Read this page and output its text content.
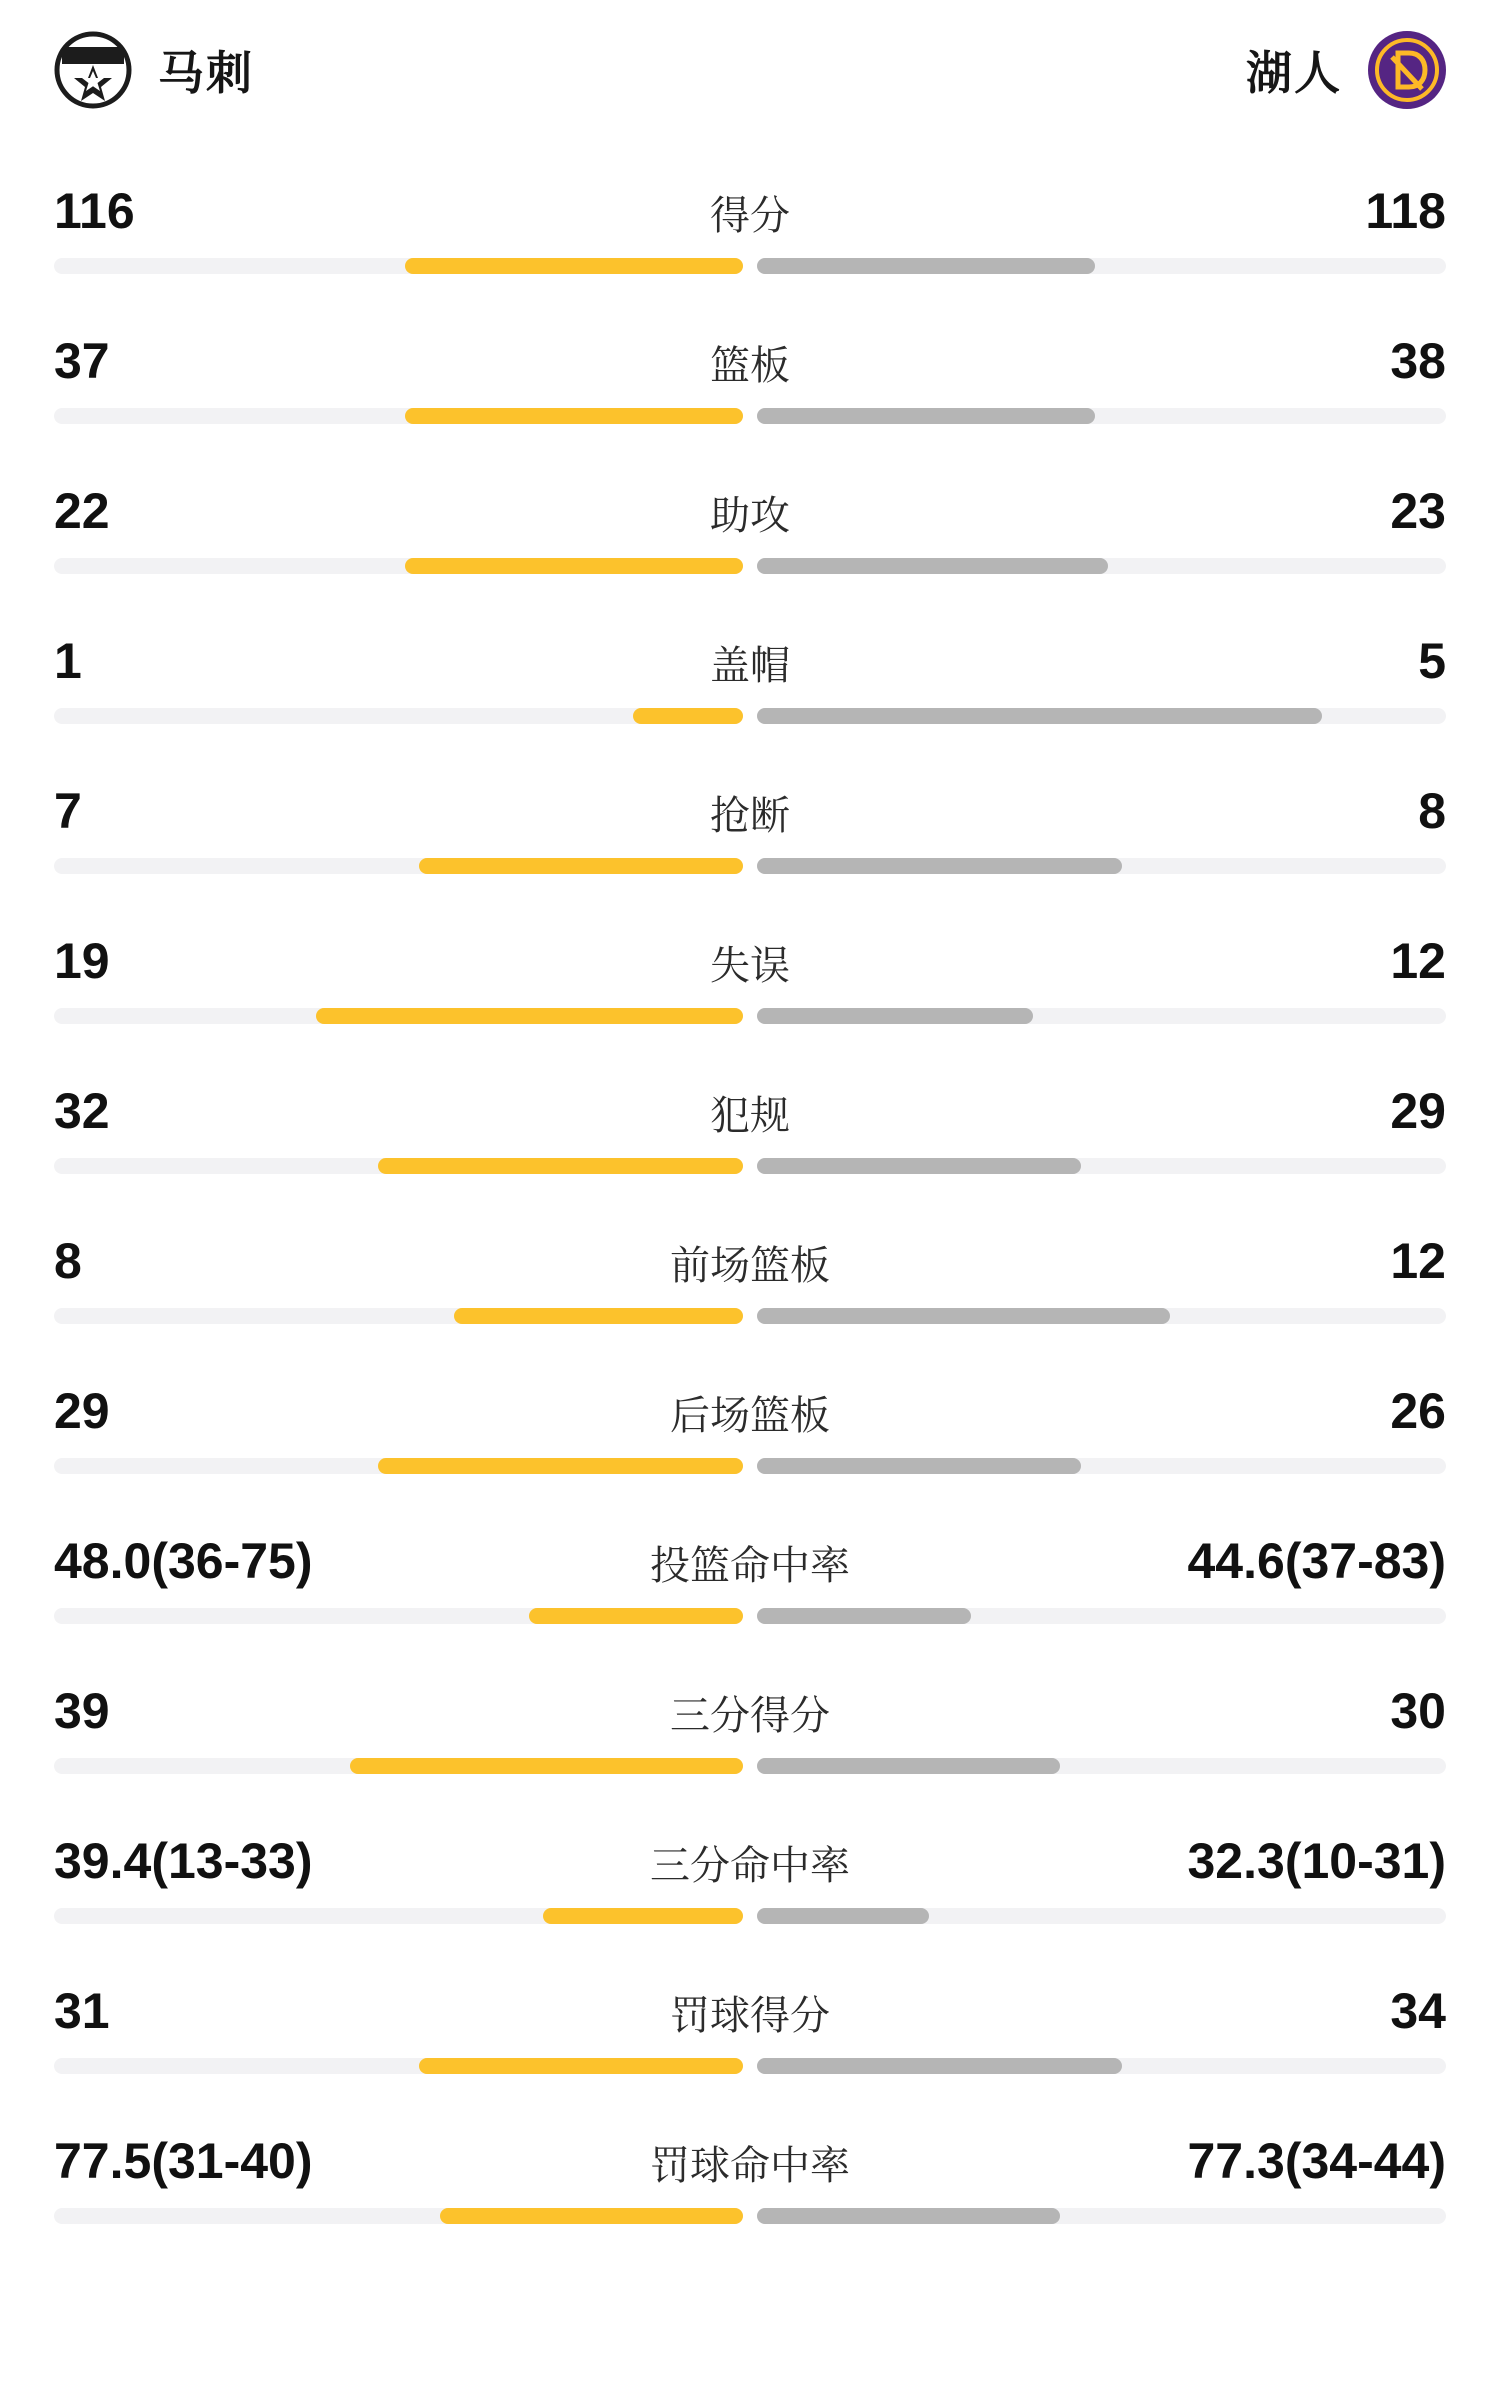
马刺	湖人
116	得分	118
37	篮板	38
22	助攻	23
1	盖帽	5
7	抢断	8
19	失误	12
32	犯规	29
8	前场篮板	12
29	后场篮板	26
48.0(36-75)	投篮命中率	44.6(37-83)
39	三分得分	30
39.4(13-33)	三分命中率	32.3(10-31)
31	罚球得分	34
77.5(31-40)	罚球命中率	77.3(34-44)
